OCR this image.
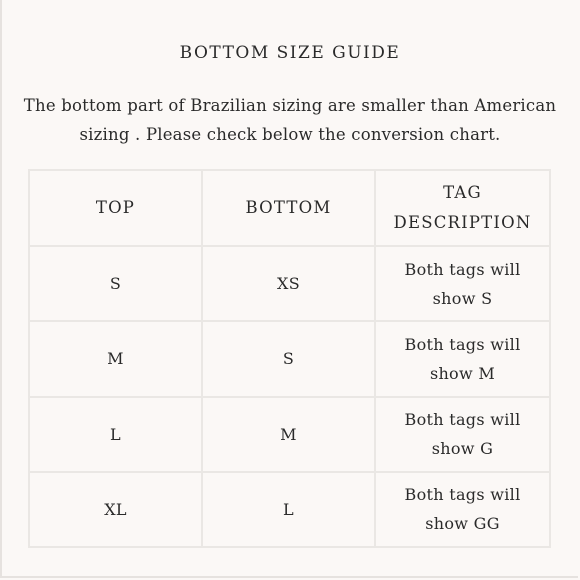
BOTTOM SIZE GUIDE
The bottom part of Brazilian sizing are smaller than American
sizing . Please check below the conversion chart.
TOP	BOTTOM	TAG
DESCRIPTION

S	XS	Both tags will
show S

M	S	Both tags will
show M

L	M	Both tags will
show G

XL	L	Both tags will
show GG
